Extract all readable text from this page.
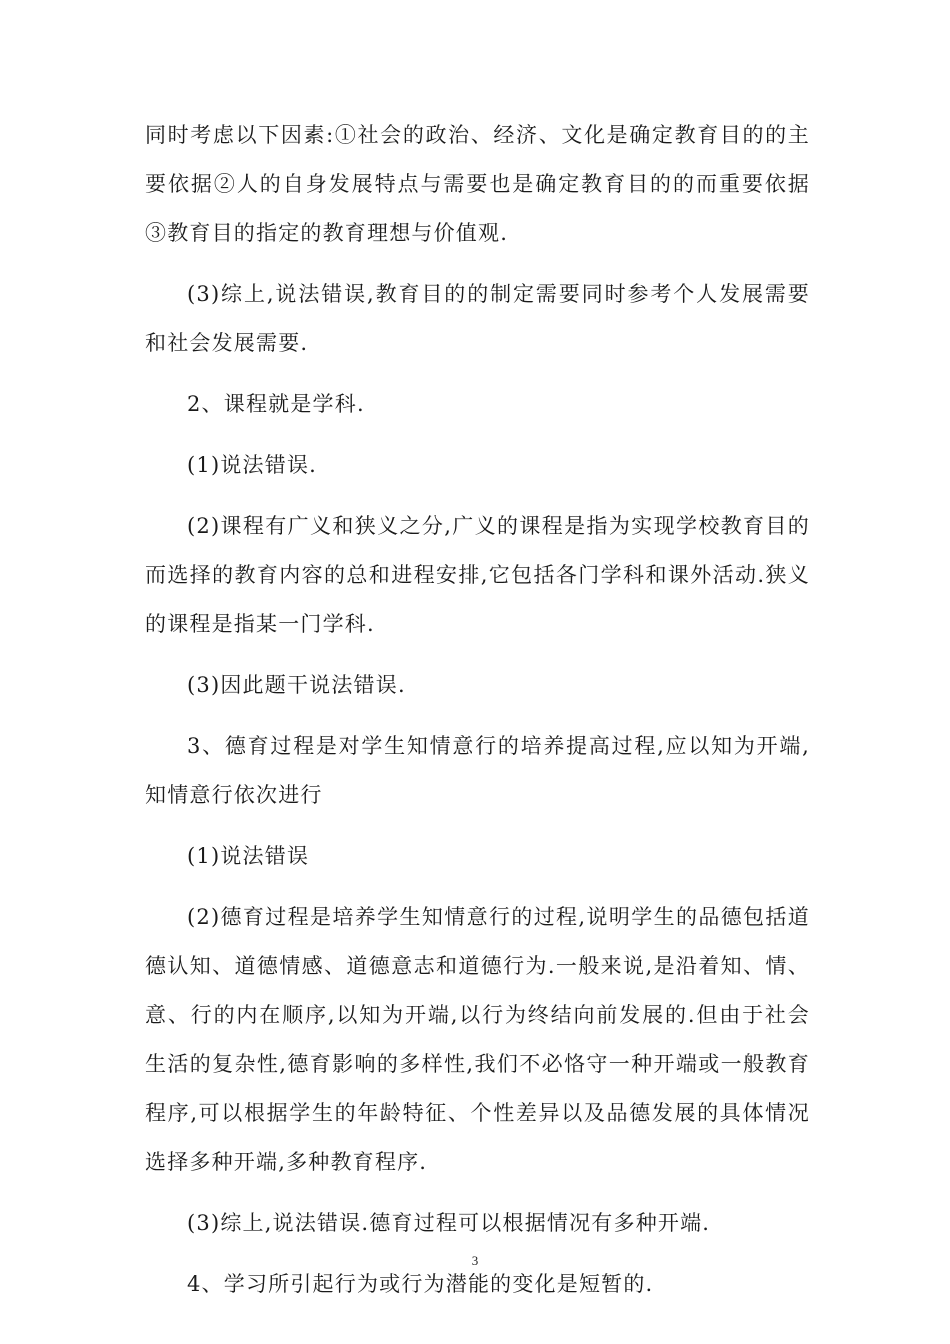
同时考虑以下因素:①社会的政治、经济、文化是确定教育目的的主要依据②人的自身发展特点与需要也是确定教育目的的而重要依据③教育目的指定的教育理想与价值观.

(3)综上,说法错误,教育目的的制定需要同时参考个人发展需要和社会发展需要.

2、课程就是学科.

(1)说法错误.

(2)课程有广义和狭义之分,广义的课程是指为实现学校教育目的而选择的教育内容的总和进程安排,它包括各门学科和课外活动.狭义的课程是指某一门学科.

(3)因此题干说法错误.

3、德育过程是对学生知情意行的培养提高过程,应以知为开端,知情意行依次进行

(1)说法错误

(2)德育过程是培养学生知情意行的过程,说明学生的品德包括道德认知、道德情感、道德意志和道德行为.一般来说,是沿着知、情、意、行的内在顺序,以知为开端,以行为终结向前发展的.但由于社会生活的复杂性,德育影响的多样性,我们不必恪守一种开端或一般教育程序,可以根据学生的年龄特征、个性差异以及品德发展的具体情况选择多种开端,多种教育程序.

(3)综上,说法错误.德育过程可以根据情况有多种开端.

4、学习所引起行为或行为潜能的变化是短暂的.

3
